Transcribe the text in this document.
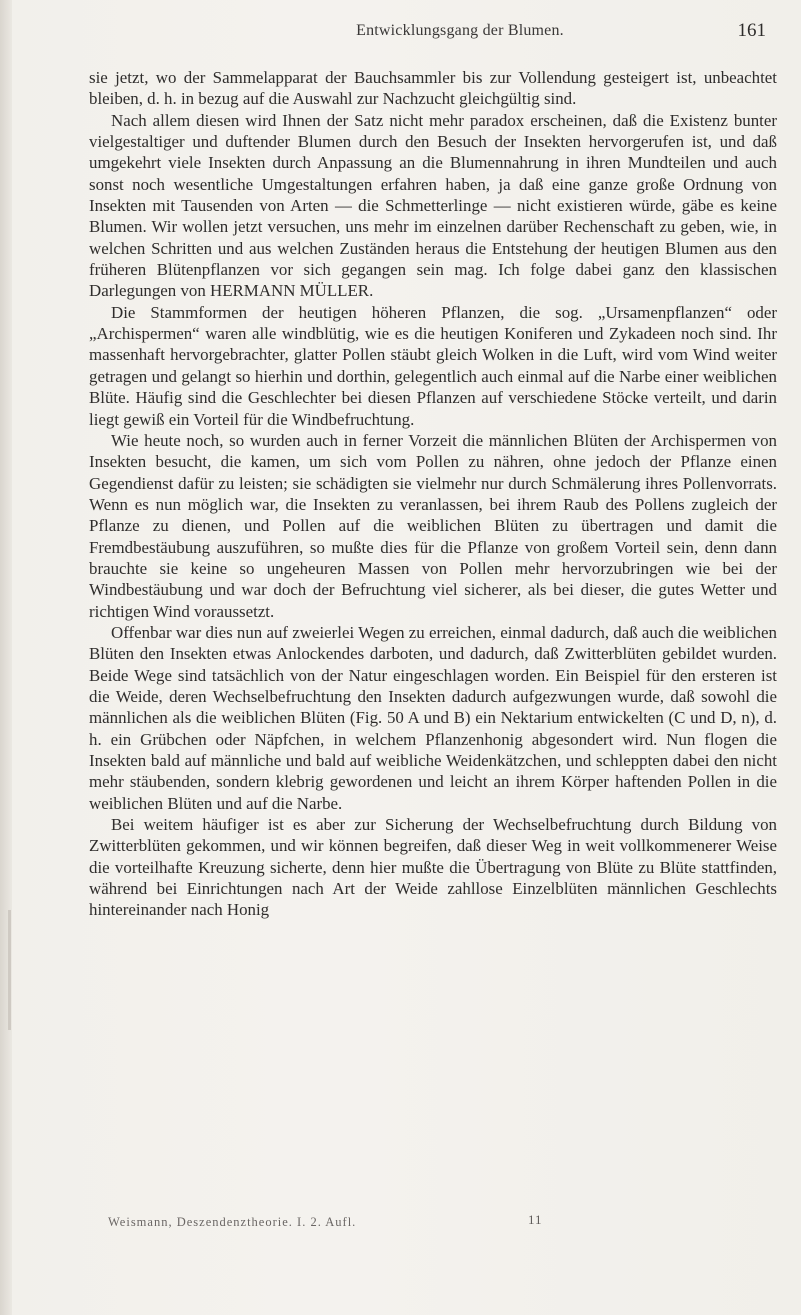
Entwicklungsgang der Blumen.	161

sie jetzt, wo der Sammelapparat der Bauchsammler bis zur Vollendung gesteigert ist, unbeachtet bleiben, d. h. in bezug auf die Auswahl zur Nachzucht gleichgültig sind.

Nach allem diesen wird Ihnen der Satz nicht mehr paradox erscheinen, daß die Existenz bunter vielgestaltiger und duftender Blumen durch den Besuch der Insekten hervorgerufen ist, und daß umgekehrt viele Insekten durch Anpassung an die Blumennahrung in ihren Mundteilen und auch sonst noch wesentliche Umgestaltungen erfahren haben, ja daß eine ganze große Ordnung von Insekten mit Tausenden von Arten — die Schmetterlinge — nicht existieren würde, gäbe es keine Blumen. Wir wollen jetzt versuchen, uns mehr im einzelnen darüber Rechenschaft zu geben, wie, in welchen Schritten und aus welchen Zuständen heraus die Entstehung der heutigen Blumen aus den früheren Blütenpflanzen vor sich gegangen sein mag. Ich folge dabei ganz den klassischen Darlegungen von HERMANN MÜLLER.

Die Stammformen der heutigen höheren Pflanzen, die sog. „Ursamenpflanzen“ oder „Archispermen“ waren alle windblütig, wie es die heutigen Koniferen und Zykadeen noch sind. Ihr massenhaft hervorgebrachter, glatter Pollen stäubt gleich Wolken in die Luft, wird vom Wind weiter getragen und gelangt so hierhin und dorthin, gelegentlich auch einmal auf die Narbe einer weiblichen Blüte. Häufig sind die Geschlechter bei diesen Pflanzen auf verschiedene Stöcke verteilt, und darin liegt gewiß ein Vorteil für die Windbefruchtung.

Wie heute noch, so wurden auch in ferner Vorzeit die männlichen Blüten der Archispermen von Insekten besucht, die kamen, um sich vom Pollen zu nähren, ohne jedoch der Pflanze einen Gegendienst dafür zu leisten; sie schädigten sie vielmehr nur durch Schmälerung ihres Pollenvorrats. Wenn es nun möglich war, die Insekten zu veranlassen, bei ihrem Raub des Pollens zugleich der Pflanze zu dienen, und Pollen auf die weiblichen Blüten zu übertragen und damit die Fremdbestäubung auszuführen, so mußte dies für die Pflanze von großem Vorteil sein, denn dann brauchte sie keine so ungeheuren Massen von Pollen mehr hervorzubringen wie bei der Windbestäubung und war doch der Befruchtung viel sicherer, als bei dieser, die gutes Wetter und richtigen Wind voraussetzt.

Offenbar war dies nun auf zweierlei Wegen zu erreichen, einmal dadurch, daß auch die weiblichen Blüten den Insekten etwas Anlockendes darboten, und dadurch, daß Zwitterblüten gebildet wurden. Beide Wege sind tatsächlich von der Natur eingeschlagen worden. Ein Beispiel für den ersteren ist die Weide, deren Wechselbefruchtung den Insekten dadurch aufgezwungen wurde, daß sowohl die männlichen als die weiblichen Blüten (Fig. 50 A und B) ein Nektarium entwickelten (C und D, n), d. h. ein Grübchen oder Näpfchen, in welchem Pflanzenhonig abgesondert wird. Nun flogen die Insekten bald auf männliche und bald auf weibliche Weidenkätzchen, und schleppten dabei den nicht mehr stäubenden, sondern klebrig gewordenen und leicht an ihrem Körper haftenden Pollen in die weiblichen Blüten und auf die Narbe.

Bei weitem häufiger ist es aber zur Sicherung der Wechselbefruchtung durch Bildung von Zwitterblüten gekommen, und wir können begreifen, daß dieser Weg in weit vollkommenerer Weise die vorteilhafte Kreuzung sicherte, denn hier mußte die Übertragung von Blüte zu Blüte stattfinden, während bei Einrichtungen nach Art der Weide zahllose Einzelblüten männlichen Geschlechts hintereinander nach Honig

Weismann, Deszendenztheorie. I. 2. Aufl.	11
